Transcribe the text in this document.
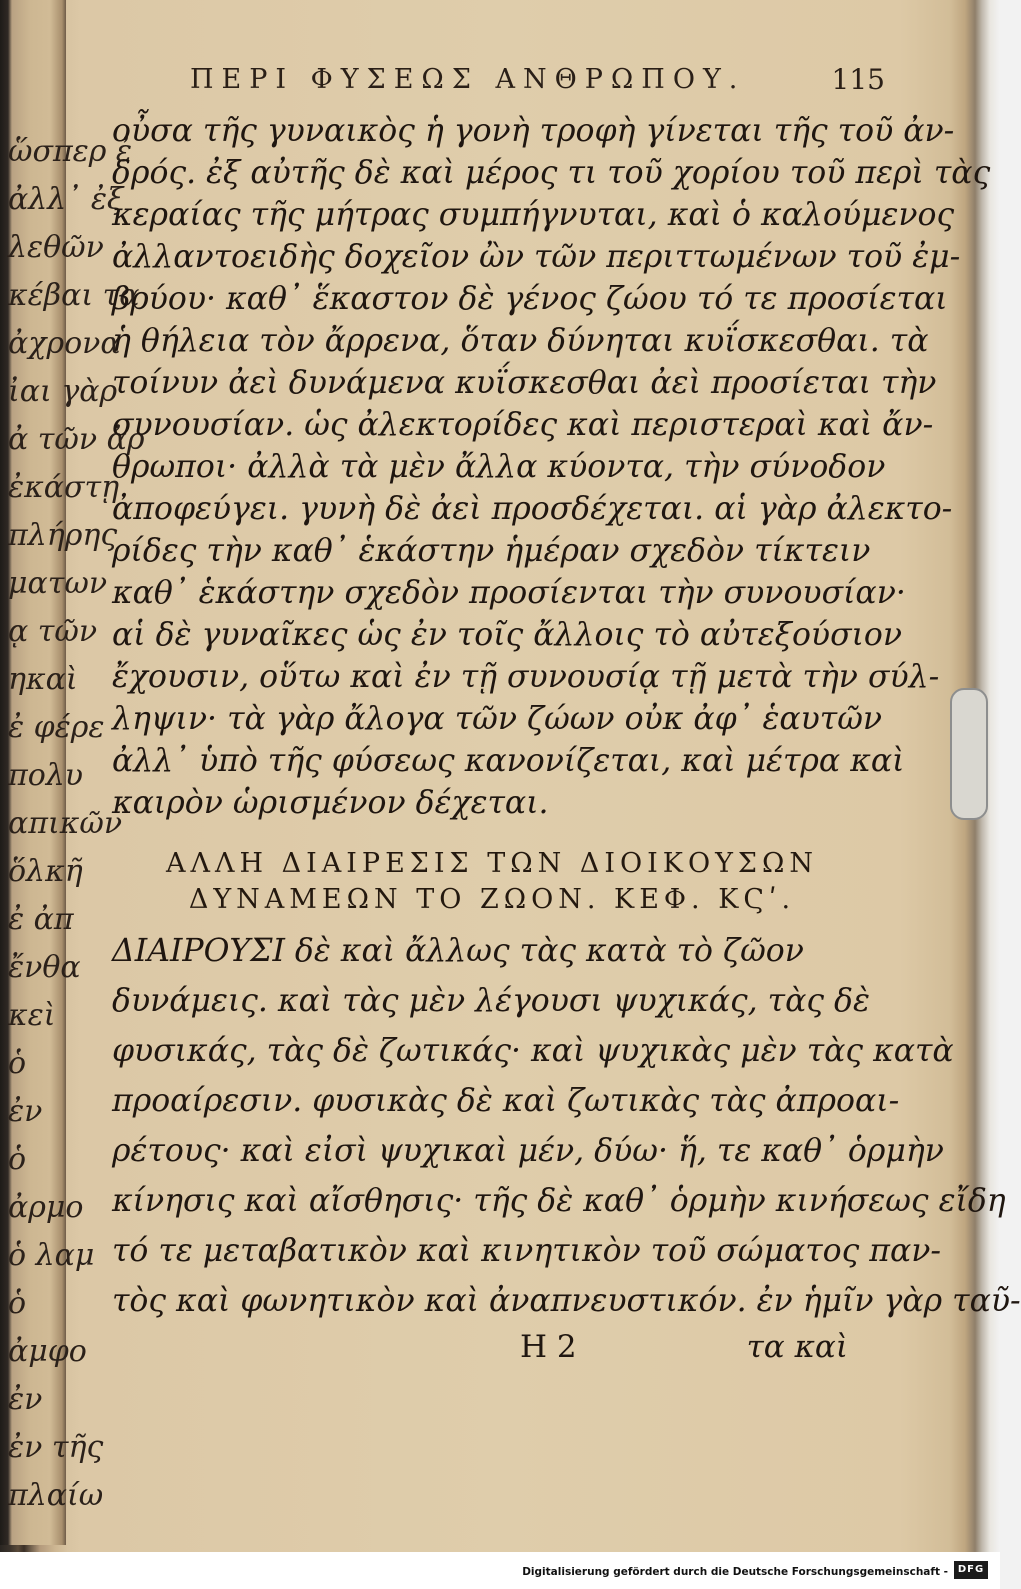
ὥσπερ ἐ
ἀλλ᾽ ἐξ
λεθῶν
κέβαι τα
ἀχρονα
ἰαι γὰρ
ἀ τῶν ἀρ
ἐκάστῃ
πλήρης
ματων
ᾳ τῶν
ηκαὶ
ἐ φέρε
πολυ
απικῶν
ὅλκῆ
ἐ ἀπ
ἔνθα
κεὶ
ὁ
ἐν
ὁ
ἀρμο
ὁ λαμ
ὁ
ἀμφο
ἐν
ἐν τῆς
πλαίω
ΠΕΡΙ ΦΥΣΕΩΣ ΑΝΘΡΩΠΟΥ.	115
οὖσα τῆς γυναικὸς ἡ γονὴ τροφὴ γίνεται τῆς τοῦ ἀν-
δρός. ἐξ αὐτῆς δὲ καὶ μέρος τι τοῦ χορίου τοῦ περὶ τὰς
κεραίας τῆς μήτρας συμπήγνυται, καὶ ὁ καλούμενος
ἀλλαντοειδὴς δοχεῖον ὢν τῶν περιττωμένων τοῦ ἐμ-
βρύου· καθ᾽ ἕκαστον δὲ γένος ζώου τό τε προσίεται
ἡ θήλεια τὸν ἄρρενα, ὅταν δύνηται κυΐσκεσθαι. τὰ
τοίνυν ἀεὶ δυνάμενα κυΐσκεσθαι ἀεὶ προσίεται τὴν
συνουσίαν. ὡς ἀλεκτορίδες καὶ περιστεραὶ καὶ ἄν-
θρωποι· ἀλλὰ τὰ μὲν ἄλλα κύοντα, τὴν σύνοδον
ἀποφεύγει. γυνὴ δὲ ἀεὶ προσδέχεται. αἱ γὰρ ἀλεκτο-
ρίδες τὴν καθ᾽ ἑκάστην ἡμέραν σχεδὸν τίκτειν
καθ᾽ ἑκάστην σχεδὸν προσίενται τὴν συνουσίαν·
αἱ δὲ γυναῖκες ὡς ἐν τοῖς ἄλλοις τὸ αὐτεξούσιον
ἔχουσιν, οὕτω καὶ ἐν τῇ συνουσίᾳ τῇ μετὰ τὴν σύλ-
ληψιν· τὰ γὰρ ἄλογα τῶν ζώων οὐκ ἀφ᾽ ἑαυτῶν
ἀλλ᾽ ὑπὸ τῆς φύσεως κανονίζεται, καὶ μέτρα καὶ
καιρὸν ὡρισμένον δέχεται.
ΑΛΛΗ ΔΙΑΙΡΕΣΙΣ ΤΩΝ ΔΙΟΙΚΟΥΣΩΝ
ΔΥΝΑΜΕΩΝ ΤΟ ΖΩΟΝ. ΚΕΦ. ΚϚʹ.
ΔΙΑΙΡΟΥΣΙ δὲ καὶ ἄλλως τὰς κατὰ τὸ ζῶον
δυνάμεις. καὶ τὰς μὲν λέγουσι ψυχικάς, τὰς δὲ
φυσικάς, τὰς δὲ ζωτικάς· καὶ ψυχικὰς μὲν τὰς κατὰ
προαίρεσιν. φυσικὰς δὲ καὶ ζωτικὰς τὰς ἀπροαι-
ρέτους· καὶ εἰσὶ ψυχικαὶ μέν, δύω· ἥ, τε καθ᾽ ὁρμὴν
κίνησις καὶ αἴσθησις· τῆς δὲ καθ᾽ ὁρμὴν κινήσεως εἴδη
τό τε μεταβατικὸν καὶ κινητικὸν τοῦ σώματος παν-
τὸς καὶ φωνητικὸν καὶ ἀναπνευστικόν. ἐν ἡμῖν γὰρ ταῦ-
Η 2	τα καὶ
Digitalisierung gefördert durch die Deutsche Forschungsgemeinschaft - DFG
